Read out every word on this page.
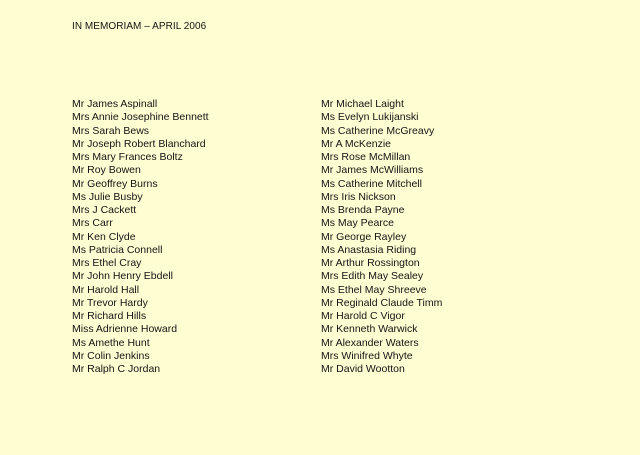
IN MEMORIAM – APRIL 2006
Mr James Aspinall
Mrs Annie Josephine Bennett
Mrs Sarah Bews
Mr Joseph Robert Blanchard
Mrs Mary Frances Boltz
Mr Roy Bowen
Mr Geoffrey Burns
Ms Julie Busby
Mrs J Cackett
Mrs Carr
Mr Ken Clyde
Ms Patricia Connell
Mrs Ethel Cray
Mr John Henry Ebdell
Mr Harold Hall
Mr Trevor Hardy
Mr Richard Hills
Miss Adrienne Howard
Ms Amethe Hunt
Mr Colin Jenkins
Mr Ralph C Jordan
Mr Michael Laight
Ms Evelyn Lukijanski
Ms Catherine McGreavy
Mr A McKenzie
Mrs Rose McMillan
Mr James McWilliams
Ms Catherine Mitchell
Mrs Iris Nickson
Ms Brenda Payne
Ms May Pearce
Mr George Rayley
Ms Anastasia Riding
Mr Arthur Rossington
Mrs Edith May Sealey
Ms Ethel May Shreeve
Mr Reginald Claude Timm
Mr Harold C Vigor
Mr Kenneth Warwick
Mr Alexander Waters
Mrs Winifred Whyte
Mr David Wootton
